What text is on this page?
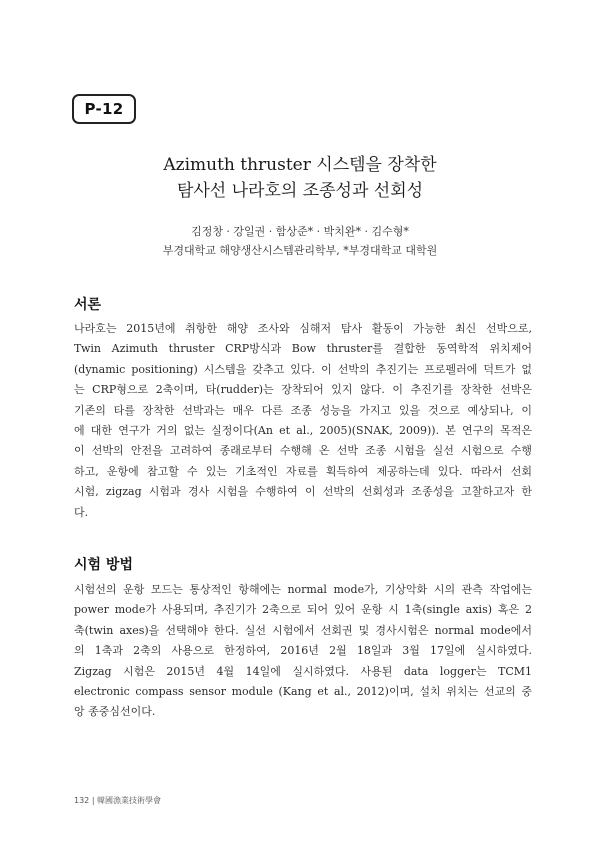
P-12
Azimuth thruster 시스템을 장착한
탐사선 나라호의 조종성과 선회성
김정창 · 강일권 · 함상준* · 박치완* · 김수형*
부경대학교 해양생산시스템관리학부, *부경대학교 대학원
서론
나라호는 2015년에 취항한 해양 조사와 심해저 탐사 활동이 가능한 최신 선박으로,
Twin Azimuth thruster CRP방식과 Bow thruster를 결합한 동역학적 위치제어
(dynamic positioning) 시스템을 갖추고 있다. 이 선박의 추진기는 프로펠러에 덕트가 없
는 CRP형으로 2축이며, 타(rudder)는 장착되어 있지 않다. 이 추진기를 장착한 선박은
기존의 타를 장착한 선박과는 매우 다른 조종 성능을 가지고 있을 것으로 예상되나, 이
에 대한 연구가 거의 없는 실정이다(An et al., 2005)(SNAK, 2009)). 본 연구의 목적은
이 선박의 안전을 고려하여 종래로부터 수행해 온 선박 조종 시험을 실선 시험으로 수행
하고, 운항에 참고할 수 있는 기초적인 자료를 획득하여 제공하는데 있다. 따라서 선회
시험, zigzag 시험과 경사 시험을 수행하여 이 선박의 선회성과 조종성을 고찰하고자 한
다.
시험 방법
시험선의 운항 모드는 통상적인 항해에는 normal mode가, 기상악화 시의 관측 작업에는
power mode가 사용되며, 추진기가 2축으로 되어 있어 운항 시 1축(single axis) 혹은 2
축(twin axes)을 선택해야 한다. 실선 시험에서 선회권 및 경사시험은 normal mode에서
의 1축과 2축의 사용으로 한정하여, 2016년 2월 18일과 3월 17일에 실시하였다.
Zigzag 시험은 2015년 4월 14일에 실시하였다. 사용된 data logger는 TCM1
electronic compass sensor module (Kang et al., 2012)이며, 설치 위치는 선교의 중
앙 종중심선이다.
132 | 韓國漁業技術學會
